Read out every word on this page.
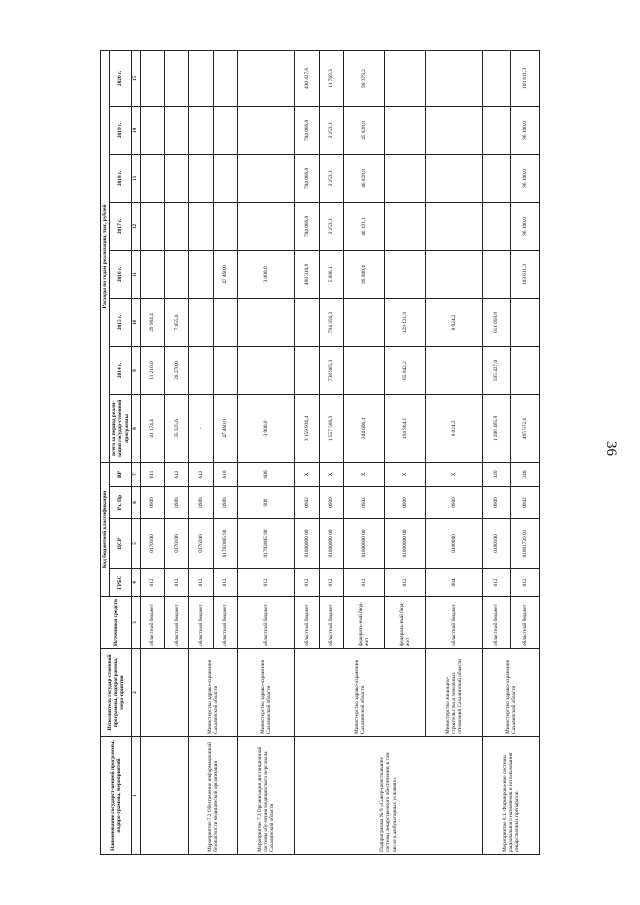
36
Наименование государст-венной программы, подпро-граммы, мероприятий	Исполнитель государ-ственной программы, подпрограммы, меро-приятия	Источники средств	Код бюджетной классификации				Расходы по годам реализации, тыс. рублей							
			ГРБС	ЦСР	Рз, Пр	ВР	всего за период реали-зации государ-ственной программы	2014 г.	2015 г.	2016 г.	2017 г.	2018 г.	2019 г.	2020 г.
1	2	3	4	5	6	7	8	9	10	11	12	13	14	15
		областной бюджет	012	0170100	0909	611	41 174,4	11 210,0	29 964,4					
		областной бюджет	012	0170100	0909	612	35 325,6	28 270,0	7 055,6					
Мероприятие 7.2 Обеспечение информационной безопасности медицинской организации	Министерство здраво-охранения Сахалинской области	областной бюджет	012	0170200	0909	612	-							
		областной бюджет	012	01702005 90	0909	610	47 460,0			47 460,0				
Мероприятие 7.3 Организация дистанционной системы обу-чения медицинского персонала Сахалинской области	Министерство здраво-охранения Сахалинской области	областной бюджет	012	01703005 90	909	600	3 000,0			3 000,0				
Подпрограмма № 8 «Совер-шенствование системы лекарственного обеспечения, в том числе в амбулаторных условиях»	Министерство здраво-охранения Сахалинской области	областной бюджет	012	01800000 00	0902	X	3 159 936,4			488 310,8	704 066,0	704 066,0	704 066,0	430 427,6
		областной бюджет	012	01800000 00	0909	X	1 557 588,3	738 965,3	794 356,3	5 886,1	3 253,1	3 253,1	3 253,1	11 769,3
		федераль-ный бюд-жет	012	01800000 00	0902	X	304 606,3			89 800,4	46 191,1	46 828,8	45 828,8	98 379,2
		федераль-ный бюд-жет	012	01800000 00	0909	X	194 964,1	65 842,2	129 121,9					
	Министерство жилищно-строительства и земельных отношений Сахалинской области	областной бюджет	084	0180000	0909	X	8 024,2		8 024,2					
Мероприятие 8.1. Формирова-ние системы рационального назначения и использования лекарственных препаратов	Министерство здраво-охранения Сахалинской области	областной бюджет	012	0180100	0909	320	1 206 485,8	595 427,0	611 058,8					
		областной бюджет	012	01801729 01	0902	240	495 572,6			103 611,3	96 100,0	96 100,0	96 100,0	103 611,3
